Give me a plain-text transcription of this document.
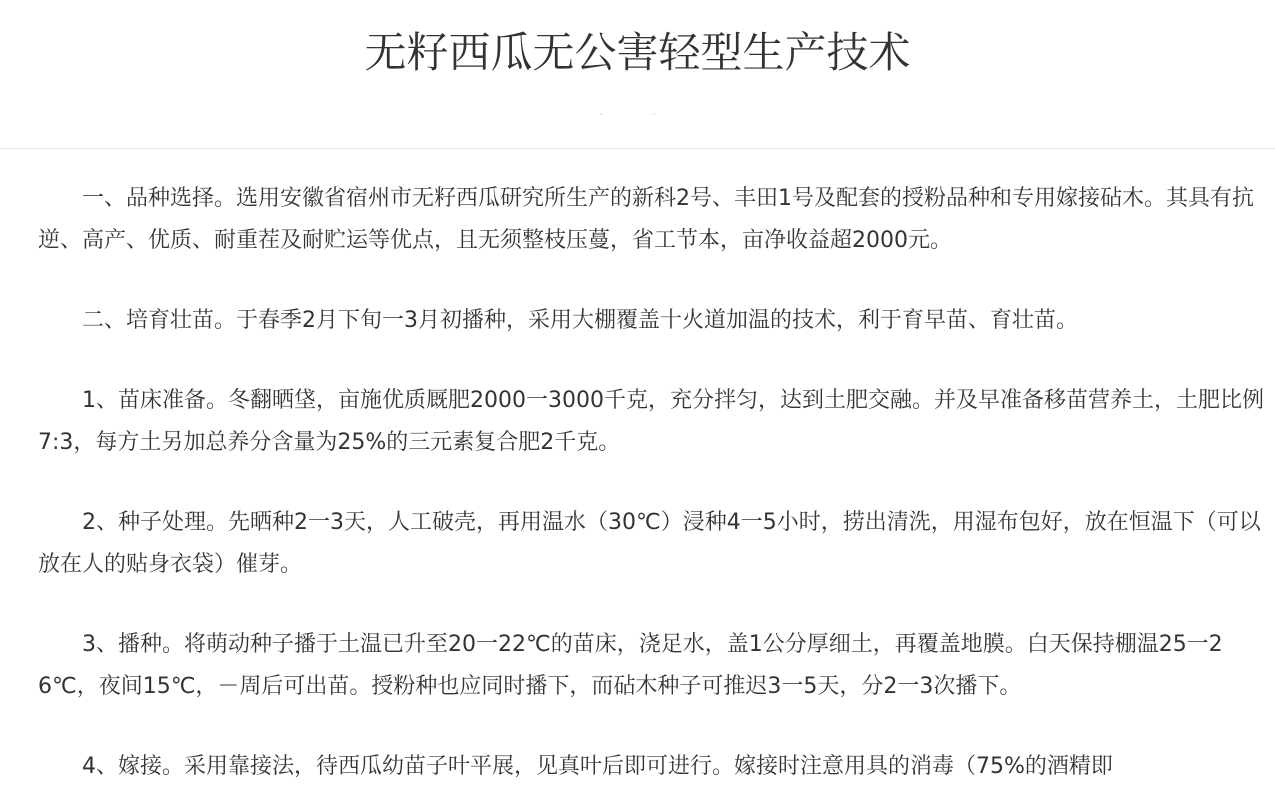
无籽西瓜无公害轻型生产技术

一、品种选择。选用安徽省宿州市无籽西瓜研究所生产的新科2号、丰田1号及配套的授粉品种和专用嫁接砧木。其具有抗逆、高产、优质、耐重茬及耐贮运等优点，且无须整枝压蔓，省工节本，亩净收益超2000元。

二、培育壮苗。于春季2月下旬一3月初播种，采用大棚覆盖十火道加温的技术，利于育早苗、育壮苗。

1、苗床准备。冬翻晒垡，亩施优质厩肥2000一3000千克，充分拌匀，达到土肥交融。并及早准备移苗营养土，土肥比例7:3，每方土另加总养分含量为25%的三元素复合肥2千克。

2、种子处理。先晒种2一3天，人工破壳，再用温水（30℃）浸种4一5小时，捞出清洗，用湿布包好，放在恒温下（可以放在人的贴身衣袋）催芽。

3、播种。将萌动种子播于土温已升至20一22℃的苗床，浇足水，盖1公分厚细土，再覆盖地膜。白天保持棚温25一26℃，夜间15℃，－周后可出苗。授粉种也应同时播下，而砧木种子可推迟3一5天，分2一3次播下。

4、嫁接。采用靠接法，待西瓜幼苗子叶平展，见真叶后即可进行。嫁接时注意用具的消毒（75%的酒精即
